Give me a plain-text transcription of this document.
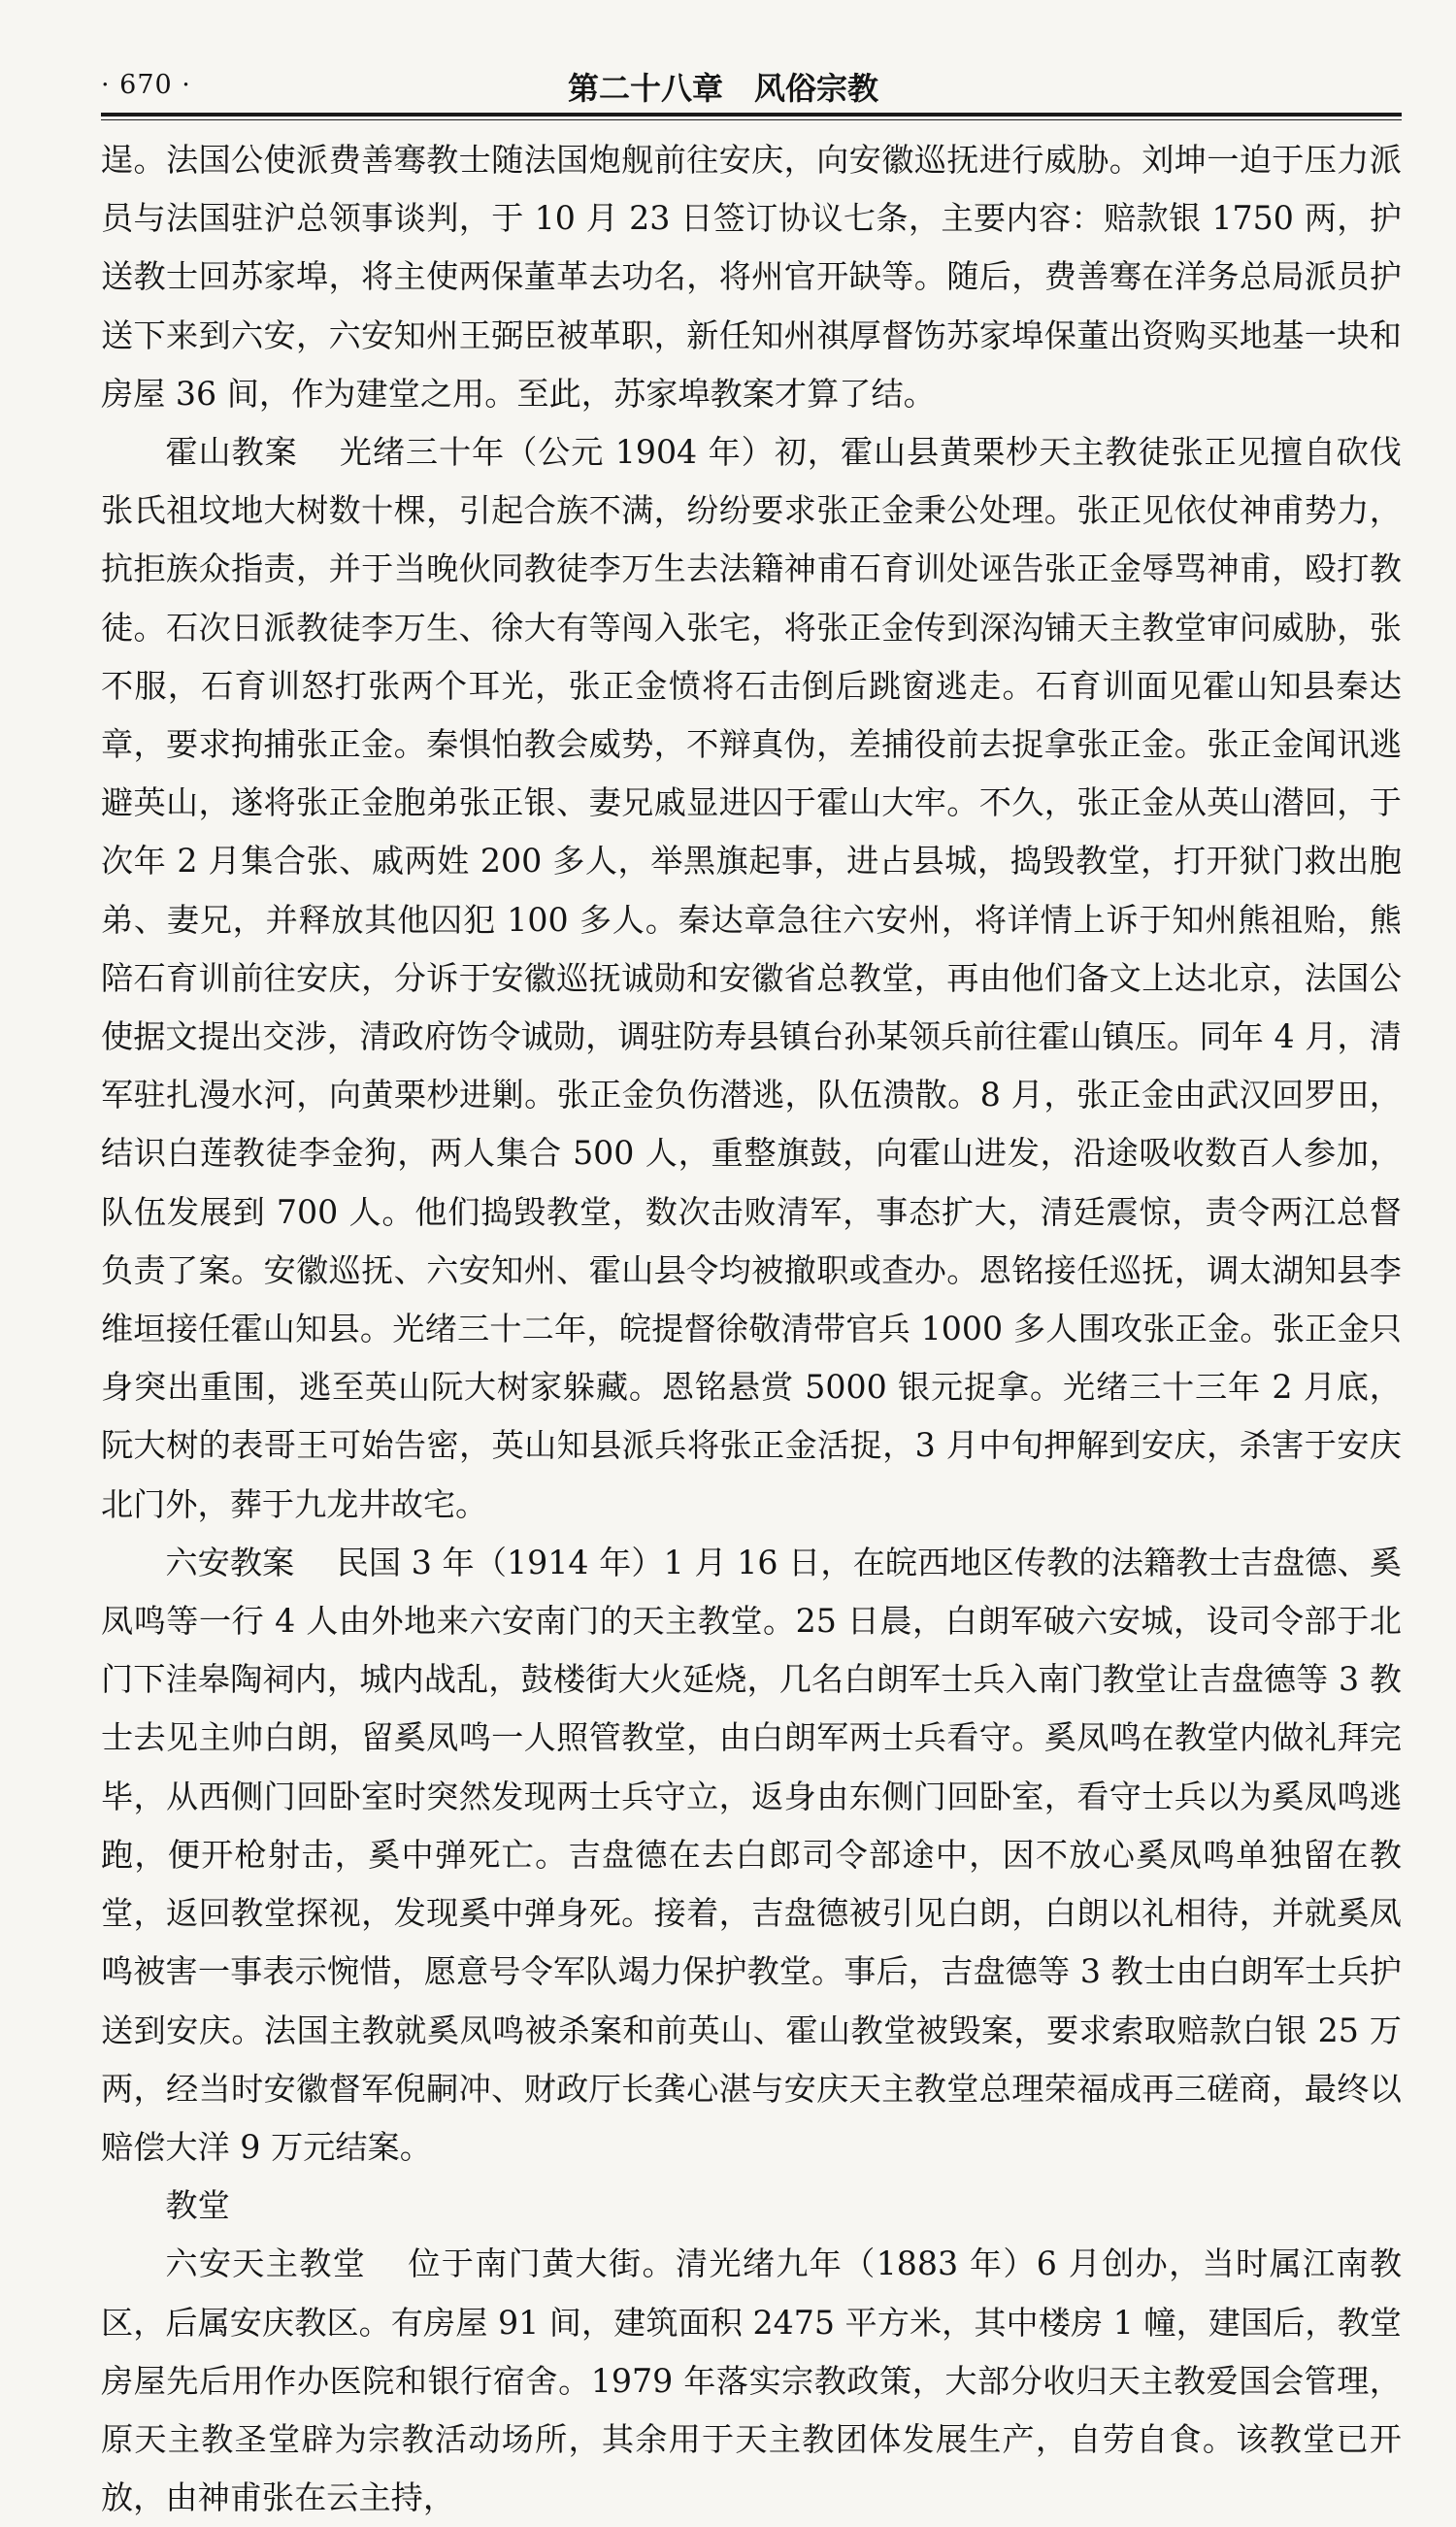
· 670 ·	第二十八章　风俗宗教

逞。法国公使派费善骞教士随法国炮舰前往安庆，向安徽巡抚进行威胁。刘坤一迫于压力派员与法国驻沪总领事谈判，于 10 月 23 日签订协议七条，主要内容：赔款银 1750 两，护送教士回苏家埠，将主使两保董革去功名，将州官开缺等。随后，费善骞在洋务总局派员护送下来到六安，六安知州王弼臣被革职，新任知州祺厚督饬苏家埠保董出资购买地基一块和房屋 36 间，作为建堂之用。至此，苏家埠教案才算了结。

霍山教案 光绪三十年（公元 1904 年）初，霍山县黄栗杪天主教徒张正见擅自砍伐张氏祖坟地大树数十棵，引起合族不满，纷纷要求张正金秉公处理。张正见依仗神甫势力，抗拒族众指责，并于当晚伙同教徒李万生去法籍神甫石育训处诬告张正金辱骂神甫，殴打教徒。石次日派教徒李万生、徐大有等闯入张宅，将张正金传到深沟铺天主教堂审问威胁，张不服，石育训怒打张两个耳光，张正金愤将石击倒后跳窗逃走。石育训面见霍山知县秦达章，要求拘捕张正金。秦惧怕教会威势，不辩真伪，差捕役前去捉拿张正金。张正金闻讯逃避英山，遂将张正金胞弟张正银、妻兄戚显进囚于霍山大牢。不久，张正金从英山潜回，于次年 2 月集合张、戚两姓 200 多人，举黑旗起事，进占县城，捣毁教堂，打开狱门救出胞弟、妻兄，并释放其他囚犯 100 多人。秦达章急往六安州，将详情上诉于知州熊祖贻，熊陪石育训前往安庆，分诉于安徽巡抚诚勋和安徽省总教堂，再由他们备文上达北京，法国公使据文提出交涉，清政府饬令诚勋，调驻防寿县镇台孙某领兵前往霍山镇压。同年 4 月，清军驻扎漫水河，向黄栗杪进剿。张正金负伤潜逃，队伍溃散。8 月，张正金由武汉回罗田，结识白莲教徒李金狗，两人集合 500 人，重整旗鼓，向霍山进发，沿途吸收数百人参加，队伍发展到 700 人。他们捣毁教堂，数次击败清军，事态扩大，清廷震惊，责令两江总督负责了案。安徽巡抚、六安知州、霍山县令均被撤职或查办。恩铭接任巡抚，调太湖知县李维垣接任霍山知县。光绪三十二年，皖提督徐敬清带官兵 1000 多人围攻张正金。张正金只身突出重围，逃至英山阮大树家躲藏。恩铭悬赏 5000 银元捉拿。光绪三十三年 2 月底，阮大树的表哥王可始告密，英山知县派兵将张正金活捉，3 月中旬押解到安庆，杀害于安庆北门外，葬于九龙井故宅。

六安教案 民国 3 年（1914 年）1 月 16 日，在皖西地区传教的法籍教士吉盘德、奚凤鸣等一行 4 人由外地来六安南门的天主教堂。25 日晨，白朗军破六安城，设司令部于北门下洼皋陶祠内，城内战乱，鼓楼街大火延烧，几名白朗军士兵入南门教堂让吉盘德等 3 教士去见主帅白朗，留奚凤鸣一人照管教堂，由白朗军两士兵看守。奚凤鸣在教堂内做礼拜完毕，从西侧门回卧室时突然发现两士兵守立，返身由东侧门回卧室，看守士兵以为奚凤鸣逃跑，便开枪射击，奚中弹死亡。吉盘德在去白郎司令部途中，因不放心奚凤鸣单独留在教堂，返回教堂探视，发现奚中弹身死。接着，吉盘德被引见白朗，白朗以礼相待，并就奚凤鸣被害一事表示惋惜，愿意号令军队竭力保护教堂。事后，吉盘德等 3 教士由白朗军士兵护送到安庆。法国主教就奚凤鸣被杀案和前英山、霍山教堂被毁案，要求索取赔款白银 25 万两，经当时安徽督军倪嗣冲、财政厅长龚心湛与安庆天主教堂总理荣福成再三磋商，最终以赔偿大洋 9 万元结案。

教堂

六安天主教堂 位于南门黄大街。清光绪九年（1883 年）6 月创办，当时属江南教区，后属安庆教区。有房屋 91 间，建筑面积 2475 平方米，其中楼房 1 幢，建国后，教堂房屋先后用作办医院和银行宿舍。1979 年落实宗教政策，大部分收归天主教爱国会管理，原天主教圣堂辟为宗教活动场所，其余用于天主教团体发展生产，自劳自食。该教堂已开放，由神甫张在云主持，
